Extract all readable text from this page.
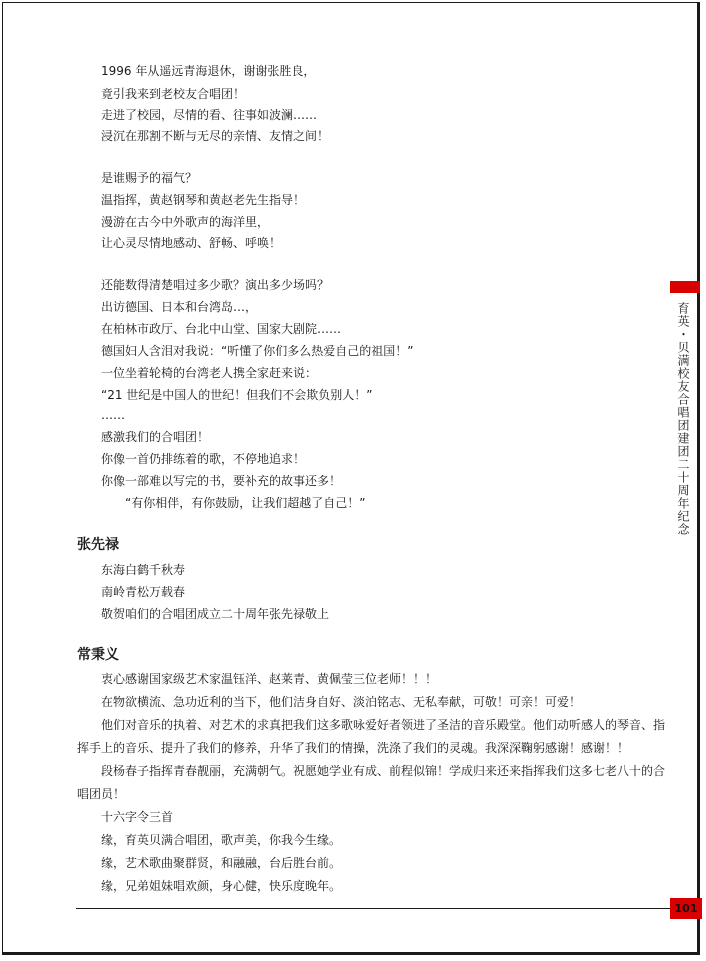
1996 年从遥远青海退休，谢谢张胜良，
竟引我来到老校友合唱团！
走进了校园，尽情的看、往事如波澜……
浸沉在那割不断与无尽的亲情、友情之间！
是谁赐予的福气？
温指挥，黄赵钢琴和黄赵老先生指导！
漫游在古今中外歌声的海洋里，
让心灵尽情地感动、舒畅、呼唤！
还能数得清楚唱过多少歌？演出多少场吗？
出访德国、日本和台湾岛…，
在柏林市政厅、台北中山堂、国家大剧院……
德国妇人含泪对我说：“听懂了你们多么热爱自己的祖国！”
一位坐着轮椅的台湾老人携全家赶来说：
“21 世纪是中国人的世纪！但我们不会欺负别人！”
……
感激我们的合唱团！
你像一首仍排练着的歌，不停地追求！
你像一部难以写完的书，要补充的故事还多！
“有你相伴，有你鼓励，让我们超越了自己！”
张先禄
东海白鹤千秋寿
南岭青松万载春
敬贺咱们的合唱团成立二十周年张先禄敬上
常秉义
衷心感谢国家级艺术家温钰洋、赵莱青、黄佩莹三位老师！！！
在物欲横流、急功近利的当下，他们洁身自好、淡泊铭志、无私奉献，可敬！可亲！可爱！
他们对音乐的执着、对艺术的求真把我们这多歌咏爱好者领进了圣洁的音乐殿堂。他们动听感人的琴音、指挥手上的音乐、提升了我们的修养，升华了我们的情操，洗涤了我们的灵魂。我深深鞠躬感谢！感谢！！
段杨春子指挥青春靓丽，充满朝气。祝愿她学业有成、前程似锦！学成归来还来指挥我们这多七老八十的合唱团员！
十六字令三首
缘，育英贝满合唱团，歌声美，你我今生缘。
缘，艺术歌曲聚群贤，和融融，台后胜台前。
缘，兄弟姐妹唱欢颜，身心健，快乐度晚年。
育英・贝满校友合唱团建团二十周年纪念
101
